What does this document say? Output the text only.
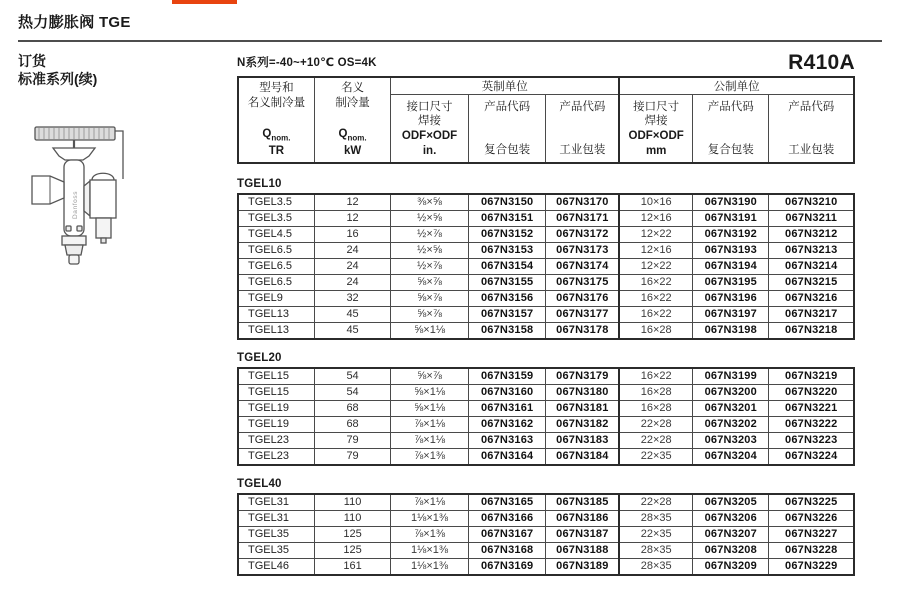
热力膨胀阀 TGE
订货
标准系列(续)
Danfoss
N系列=-40~+10℃ OS=4K	R410A
型号和
名义制冷量
$Q_{nom.}$
TR

名义
制冷量
$Q_{nom.}$
kW
	英制单位	公制单位

接口尺寸
焊接
ODF×ODF
in.

产品代码
复合包装

产品代码
工业包装

接口尺寸
焊接
ODF×ODF
mm

产品代码
复合包装

产品代码
工业包装
TGEL10
TGEL3.5	12	⅜×⅝	067N3150	067N3170	10×16	067N3190	067N3210
TGEL3.5	12	½×⅝	067N3151	067N3171	12×16	067N3191	067N3211
TGEL4.5	16	½×⅞	067N3152	067N3172	12×22	067N3192	067N3212
TGEL6.5	24	½×⅝	067N3153	067N3173	12×16	067N3193	067N3213
TGEL6.5	24	½×⅞	067N3154	067N3174	12×22	067N3194	067N3214
TGEL6.5	24	⅝×⅞	067N3155	067N3175	16×22	067N3195	067N3215
TGEL9	32	⅝×⅞	067N3156	067N3176	16×22	067N3196	067N3216
TGEL13	45	⅝×⅞	067N3157	067N3177	16×22	067N3197	067N3217
TGEL13	45	⅝×1⅛	067N3158	067N3178	16×28	067N3198	067N3218
TGEL20
TGEL15	54	⅝×⅞	067N3159	067N3179	16×22	067N3199	067N3219
TGEL15	54	⅝×1⅛	067N3160	067N3180	16×28	067N3200	067N3220
TGEL19	68	⅝×1⅛	067N3161	067N3181	16×28	067N3201	067N3221
TGEL19	68	⅞×1⅛	067N3162	067N3182	22×28	067N3202	067N3222
TGEL23	79	⅞×1⅛	067N3163	067N3183	22×28	067N3203	067N3223
TGEL23	79	⅞×1⅜	067N3164	067N3184	22×35	067N3204	067N3224
TGEL40
TGEL31	110	⅞×1⅛	067N3165	067N3185	22×28	067N3205	067N3225
TGEL31	110	1⅛×1⅜	067N3166	067N3186	28×35	067N3206	067N3226
TGEL35	125	⅞×1⅜	067N3167	067N3187	22×35	067N3207	067N3227
TGEL35	125	1⅛×1⅜	067N3168	067N3188	28×35	067N3208	067N3228
TGEL46	161	1⅛×1⅜	067N3169	067N3189	28×35	067N3209	067N3229
